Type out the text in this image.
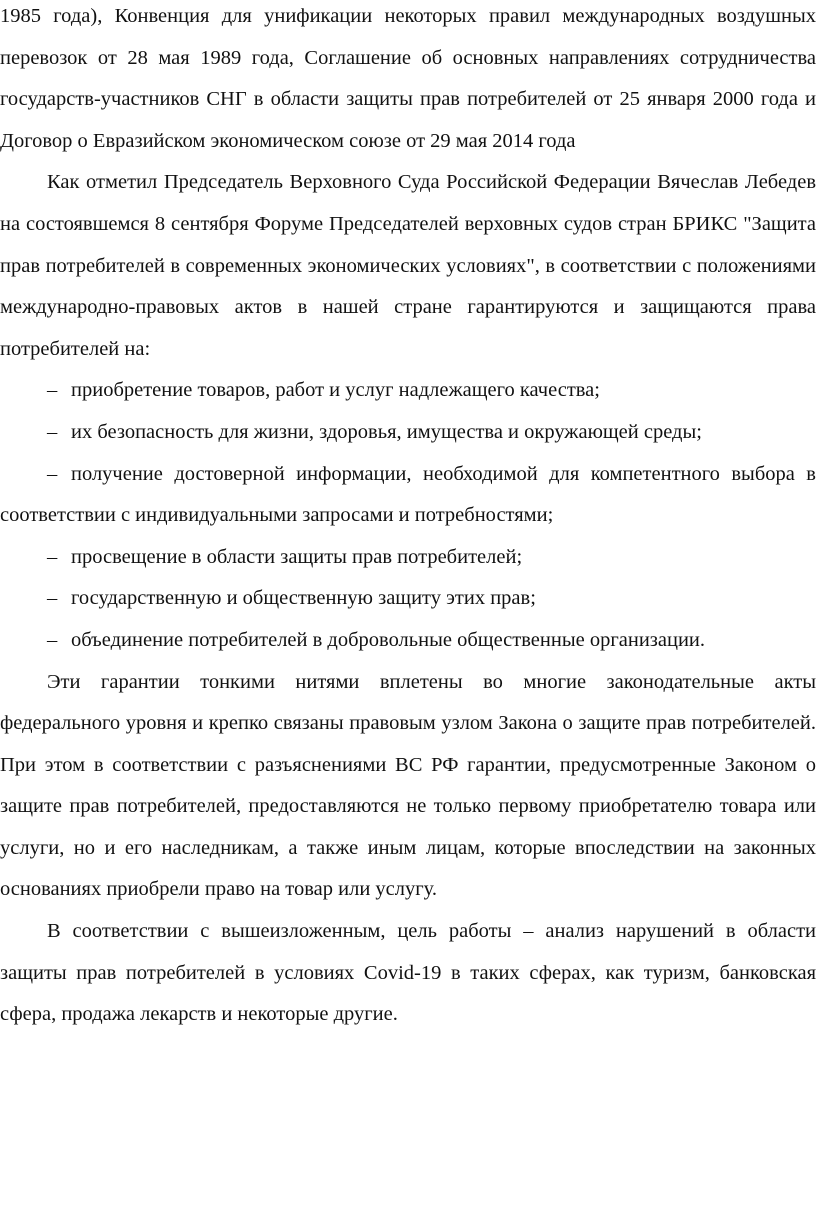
1985 года), Конвенция для унификации некоторых правил международных воздушных перевозок от 28 мая 1989 года, Соглашение об основных направлениях сотрудничества государств-участников СНГ в области защиты прав потребителей от 25 января 2000 года и Договор о Евразийском экономическом союзе от 29 мая 2014 года

Как отметил Председатель Верховного Суда Российской Федерации Вячеслав Лебедев на состоявшемся 8 сентября Форуме Председателей верховных судов стран БРИКС "Защита прав потребителей в современных экономических условиях", в соответствии с положениями международно-правовых актов в нашей стране гарантируются и защищаются права потребителей на:

– приобретение товаров, работ и услуг надлежащего качества;

– их безопасность для жизни, здоровья, имущества и окружающей среды;

– получение достоверной информации, необходимой для компетентного выбора в соответствии с индивидуальными запросами и потребностями;

– просвещение в области защиты прав потребителей;

– государственную и общественную защиту этих прав;

– объединение потребителей в добровольные общественные организации.

Эти гарантии тонкими нитями вплетены во многие законодательные акты федерального уровня и крепко связаны правовым узлом Закона о защите прав потребителей. При этом в соответствии с разъяснениями ВС РФ гарантии, предусмотренные Законом о защите прав потребителей, предоставляются не только первому приобретателю товара или услуги, но и его наследникам, а также иным лицам, которые впоследствии на законных основаниях приобрели право на товар или услугу.

В соответствии с вышеизложенным, цель работы – анализ нарушений в области защиты прав потребителей в условиях Covid-19 в таких сферах, как туризм, банковская сфера, продажа лекарств и некоторые другие.
